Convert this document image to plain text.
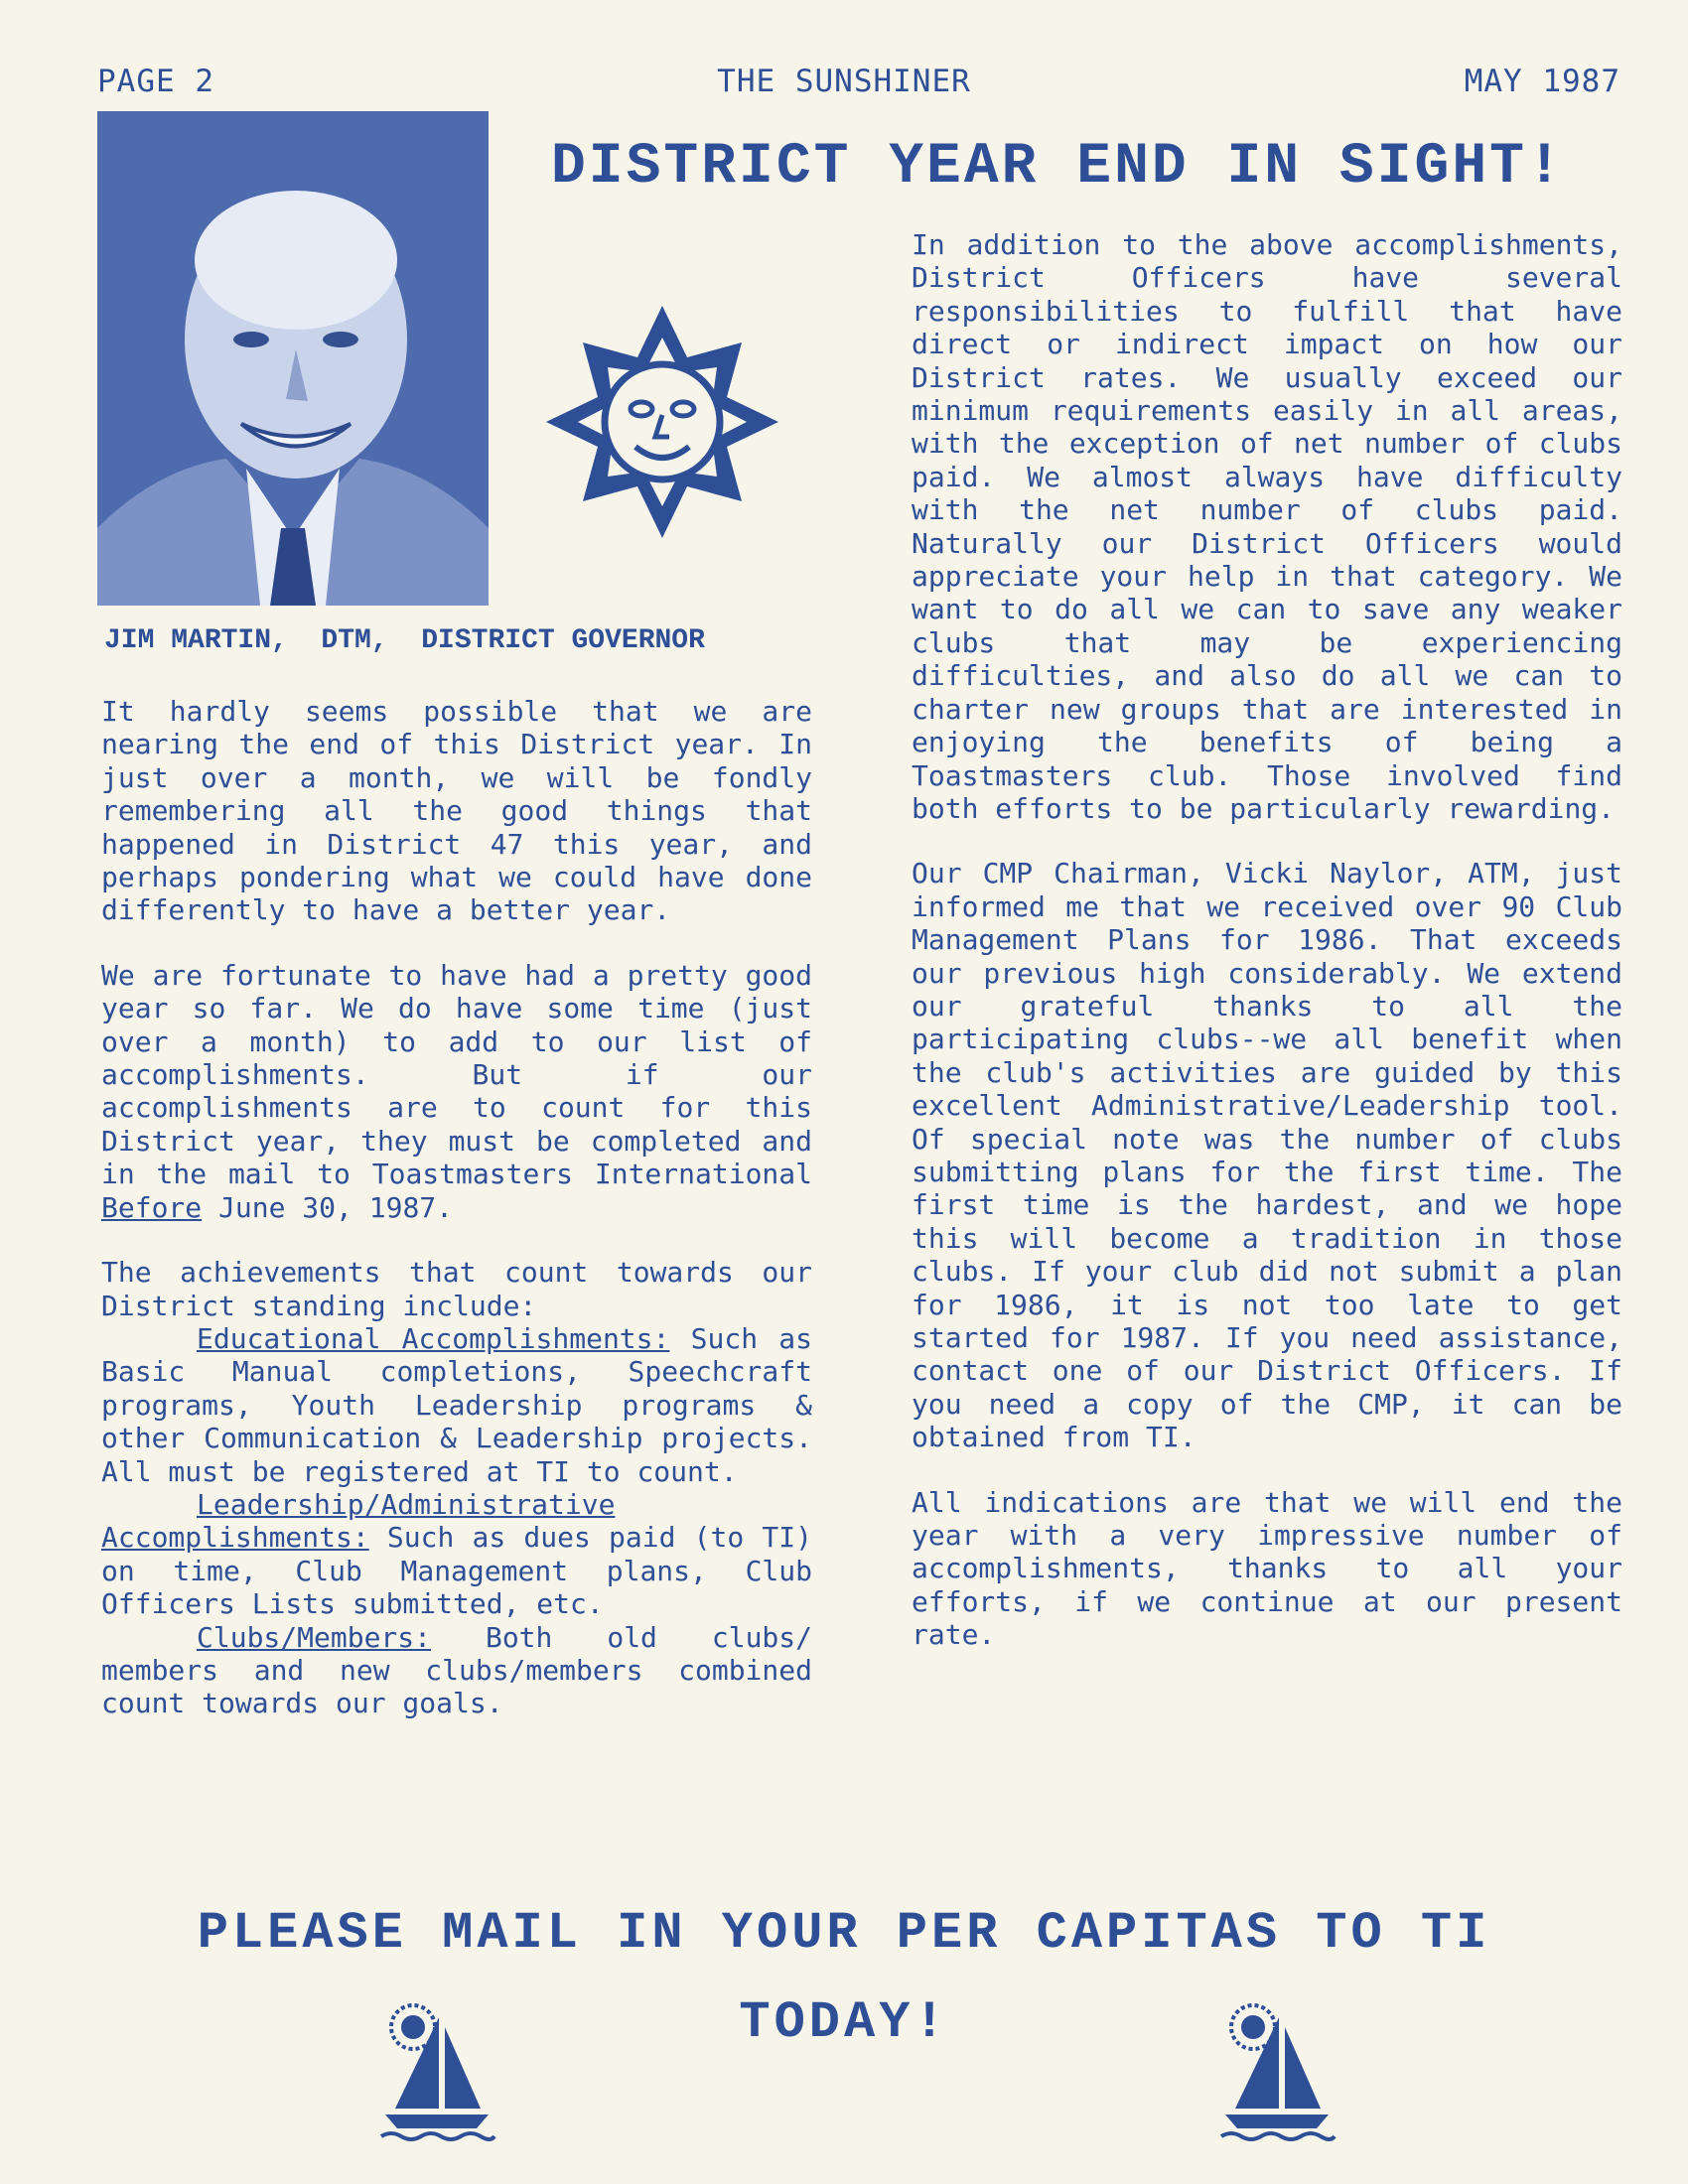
PAGE 2	THE SUNSHINER	MAY 1987
JIM MARTIN,  DTM,  DISTRICT GOVERNOR
DISTRICT YEAR END IN SIGHT!

It hardly seems possible that we are nearing the end of this District year. In just over a month, we will be fondly remembering all the good things that happened in District 47 this year, and perhaps pondering what we could have done differently to have a better year.

We are fortunate to have had a pretty good year so far. We do have some time (just over a month) to add to our list of accomplishments. But if our accomplishments are to count for this District year, they must be completed and in the mail to Toastmasters International Before June 30, 1987.

The achievements that count towards our District standing include:
Educational Accomplishments: Such as Basic Manual completions, Speechcraft programs, Youth Leadership programs & other Communication & Leadership projects. All must be registered at TI to count.
Leadership/Administrative Accomplishments: Such as dues paid (to TI) on time, Club Management plans, Club Officers Lists submitted, etc.
Clubs/Members: Both old clubs/ members and new clubs/members combined count towards our goals.

In addition to the above accomplishments, District Officers have several responsibilities to fulfill that have direct or indirect impact on how our District rates. We usually exceed our minimum requirements easily in all areas, with the exception of net number of clubs paid. We almost always have difficulty with the net number of clubs paid. Naturally our District Officers would appreciate your help in that category. We want to do all we can to save any weaker clubs that may be experiencing difficulties, and also do all we can to charter new groups that are interested in enjoying the benefits of being a Toastmasters club. Those involved find both efforts to be particularly rewarding.

Our CMP Chairman, Vicki Naylor, ATM, just informed me that we received over 90 Club Management Plans for 1986. That exceeds our previous high considerably. We extend our grateful thanks to all the participating clubs--we all benefit when the club's activities are guided by this excellent Administrative/Leadership tool. Of special note was the number of clubs submitting plans for the first time. The first time is the hardest, and we hope this will become a tradition in those clubs. If your club did not submit a plan for 1986, it is not too late to get started for 1987. If you need assistance, contact one of our District Officers. If you need a copy of the CMP, it can be obtained from TI.

All indications are that we will end the year with a very impressive number of accomplishments, thanks to all your efforts, if we continue at our present rate.

PLEASE MAIL IN YOUR PER CAPITAS TO TI
TODAY!
